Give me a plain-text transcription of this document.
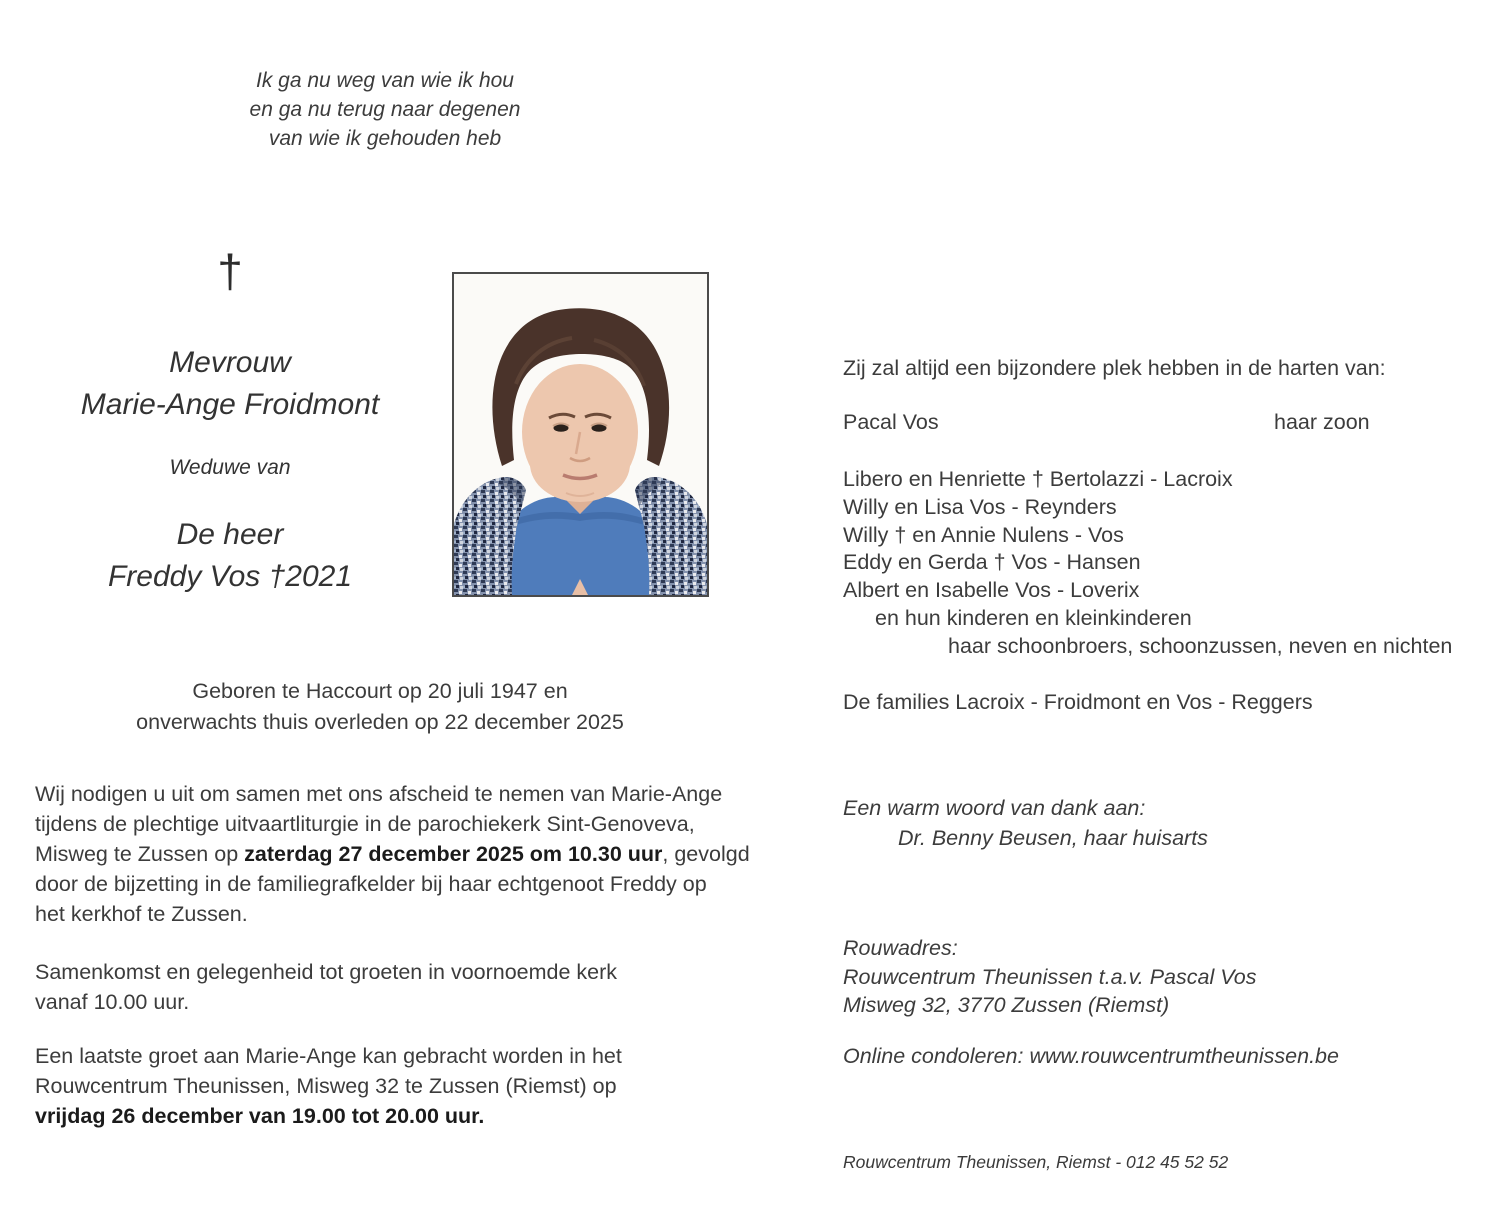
Ik ga nu weg van wie ik hou
en ga nu terug naar degenen
van wie ik gehouden heb
†
Mevrouw
Marie-Ange Froidmont
Weduwe van
De heer
Freddy Vos †2021
Geboren te Haccourt op 20 juli 1947 en
onverwachts thuis overleden op 22 december 2025
Wij nodigen u uit om samen met ons afscheid te nemen van Marie-Ange
tijdens de plechtige uitvaartliturgie in de parochiekerk Sint-Genoveva,
Misweg te Zussen op zaterdag 27 december 2025 om 10.30 uur, gevolgd
door de bijzetting in de familiegrafkelder bij haar echtgenoot Freddy op
het kerkhof te Zussen.
Samenkomst en gelegenheid tot groeten in voornoemde kerk
vanaf 10.00 uur.
Een laatste groet aan Marie-Ange kan gebracht worden in het
Rouwcentrum Theunissen, Misweg 32 te Zussen (Riemst) op
vrijdag 26 december van 19.00 tot 20.00 uur.
Zij zal altijd een bijzondere plek hebben in de harten van:
Pacal Vos	haar zoon
Libero en Henriette † Bertolazzi - Lacroix
Willy en Lisa Vos - Reynders
Willy † en Annie Nulens - Vos
Eddy en Gerda † Vos - Hansen
Albert en Isabelle Vos - Loverix
en hun kinderen en kleinkinderen
haar schoonbroers, schoonzussen, neven en nichten
De families Lacroix - Froidmont en Vos - Reggers
Een warm woord van dank aan:
Dr. Benny Beusen, haar huisarts
Rouwadres:
Rouwcentrum Theunissen t.a.v. Pascal Vos
Misweg 32, 3770 Zussen (Riemst)
Online condoleren: www.rouwcentrumtheunissen.be
Rouwcentrum Theunissen, Riemst - 012 45 52 52
